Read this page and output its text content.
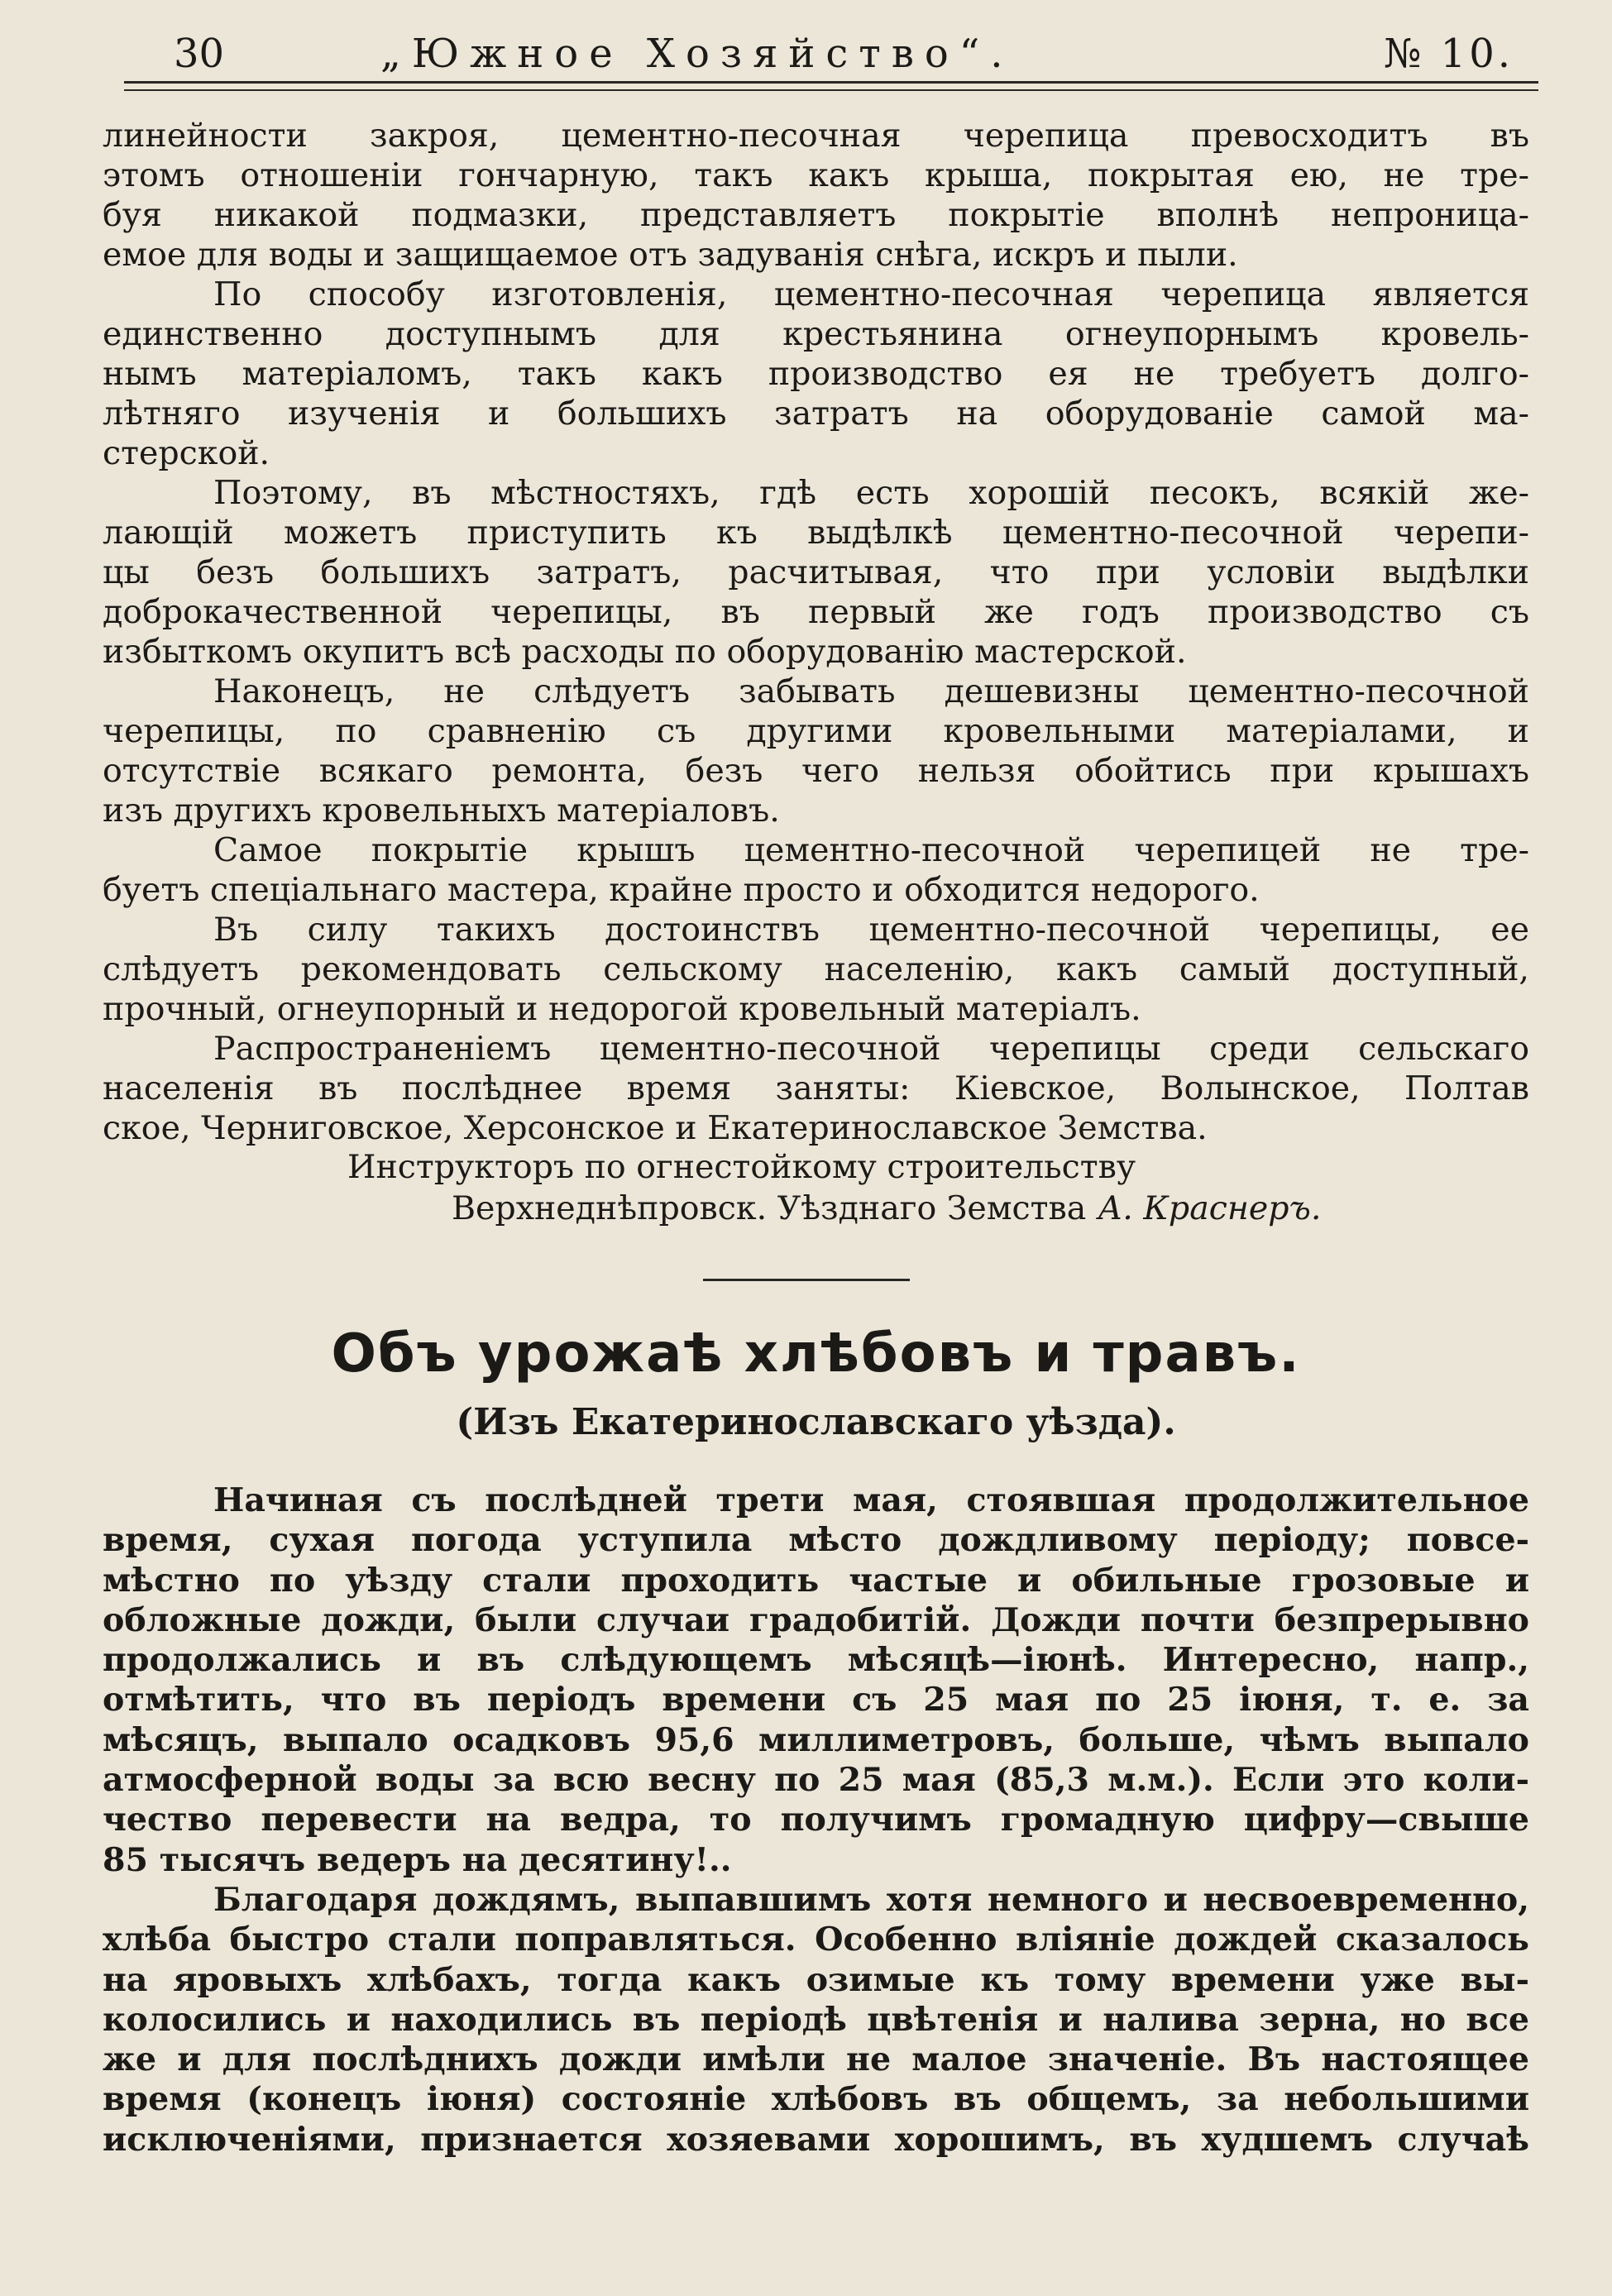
30	„Южное Хозяйство“.	№ 10.
линейности закроя, цементно-песочная черепица превосходитъ въ
этомъ отношеніи гончарную, такъ какъ крыша, покрытая ею, не тре-
буя никакой подмазки, представляетъ покрытіе вполнѣ непроница-
емое для воды и защищаемое отъ задуванія снѣга, искръ и пыли.
По способу изготовленія, цементно-песочная черепица является
единственно доступнымъ для крестьянина огнеупорнымъ кровель-
нымъ матеріаломъ, такъ какъ производство ея не требуетъ долго-
лѣтняго изученія и большихъ затратъ на оборудованіе самой ма-
стерской.
Поэтому, въ мѣстностяхъ, гдѣ есть хорошій песокъ, всякій же-
лающій можетъ приступить къ выдѣлкѣ цементно-песочной черепи-
цы безъ большихъ затратъ, расчитывая, что при условіи выдѣлки
доброкачественной черепицы, въ первый же годъ производство съ
избыткомъ окупитъ всѣ расходы по оборудованію мастерской.
Наконецъ, не слѣдуетъ забывать дешевизны цементно-песочной
черепицы, по сравненію съ другими кровельными матеріалами, и
отсутствіе всякаго ремонта, безъ чего нельзя обойтись при крышахъ
изъ другихъ кровельныхъ матеріаловъ.
Самое покрытіе крышъ цементно-песочной черепицей не тре-
буетъ спеціальнаго мастера, крайне просто и обходится недорого.
Въ силу такихъ достоинствъ цементно-песочной черепицы, ее
слѣдуетъ рекомендовать сельскому населенію, какъ самый доступный,
прочный, огнеупорный и недорогой кровельный матеріалъ.
Распространеніемъ цементно-песочной черепицы среди сельскаго
населенія въ послѣднее время заняты: Кіевское, Волынское, Полтав
ское, Черниговское, Херсонское и Екатеринославское Земства.
Инструкторъ по огнестойкому строительству
Верхнеднѣпровск. Уѣзднаго Земства А. Краснеръ.
Объ урожаѣ хлѣбовъ и травъ.
(Изъ Екатеринославскаго уѣзда).
Начиная съ послѣдней трети мая, стоявшая продолжительное
время, сухая погода уступила мѣсто дождливому періоду; повсе-
мѣстно по уѣзду стали проходить частые и обильные грозовые и
обложные дожди, были случаи градобитій. Дожди почти безпрерывно
продолжались и въ слѣдующемъ мѣсяцѣ—іюнѣ. Интересно, напр.,
отмѣтить, что въ періодъ времени съ 25 мая по 25 іюня, т. е. за
мѣсяцъ, выпало осадковъ 95,6 миллиметровъ, больше, чѣмъ выпало
атмосферной воды за всю весну по 25 мая (85,3 м.м.). Если это коли-
чество перевести на ведра, то получимъ громадную цифру—свыше
85 тысячъ ведеръ на десятину!..
Благодаря дождямъ, выпавшимъ хотя немного и несвоевременно,
хлѣба быстро стали поправляться. Особенно вліяніе дождей сказалось
на яровыхъ хлѣбахъ, тогда какъ озимые къ тому времени уже вы-
колосились и находились въ періодѣ цвѣтенія и налива зерна, но все
же и для послѣднихъ дожди имѣли не малое значеніе. Въ настоящее
время (конецъ іюня) состояніе хлѣбовъ въ общемъ, за небольшими
исключеніями, признается хозяевами хорошимъ, въ худшемъ случаѣ
